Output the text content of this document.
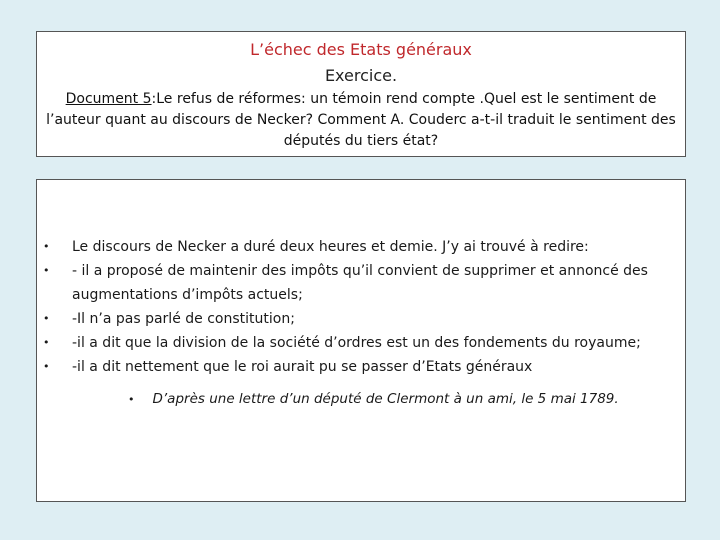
L’échec des Etats généraux
Exercice.
Document 5:Le refus de réformes: un témoin rend compte .Quel est le sentiment de l’auteur quant au discours de Necker? Comment A. Couderc a-t-il traduit le sentiment des députés du tiers état?
• Le discours de Necker a duré deux heures et demie. J’y ai trouvé à redire:
• - il a proposé de maintenir des impôts qu’il convient de supprimer et annoncé des augmentations d’impôts actuels;
• -Il n’a pas parlé de constitution;
• -il a dit que la division de la société d’ordres est un des fondements du royaume;
• -il a dit nettement que le roi aurait pu se passer d’Etats généraux
• D’après une lettre d’un député de Clermont à un ami, le 5 mai 1789.
